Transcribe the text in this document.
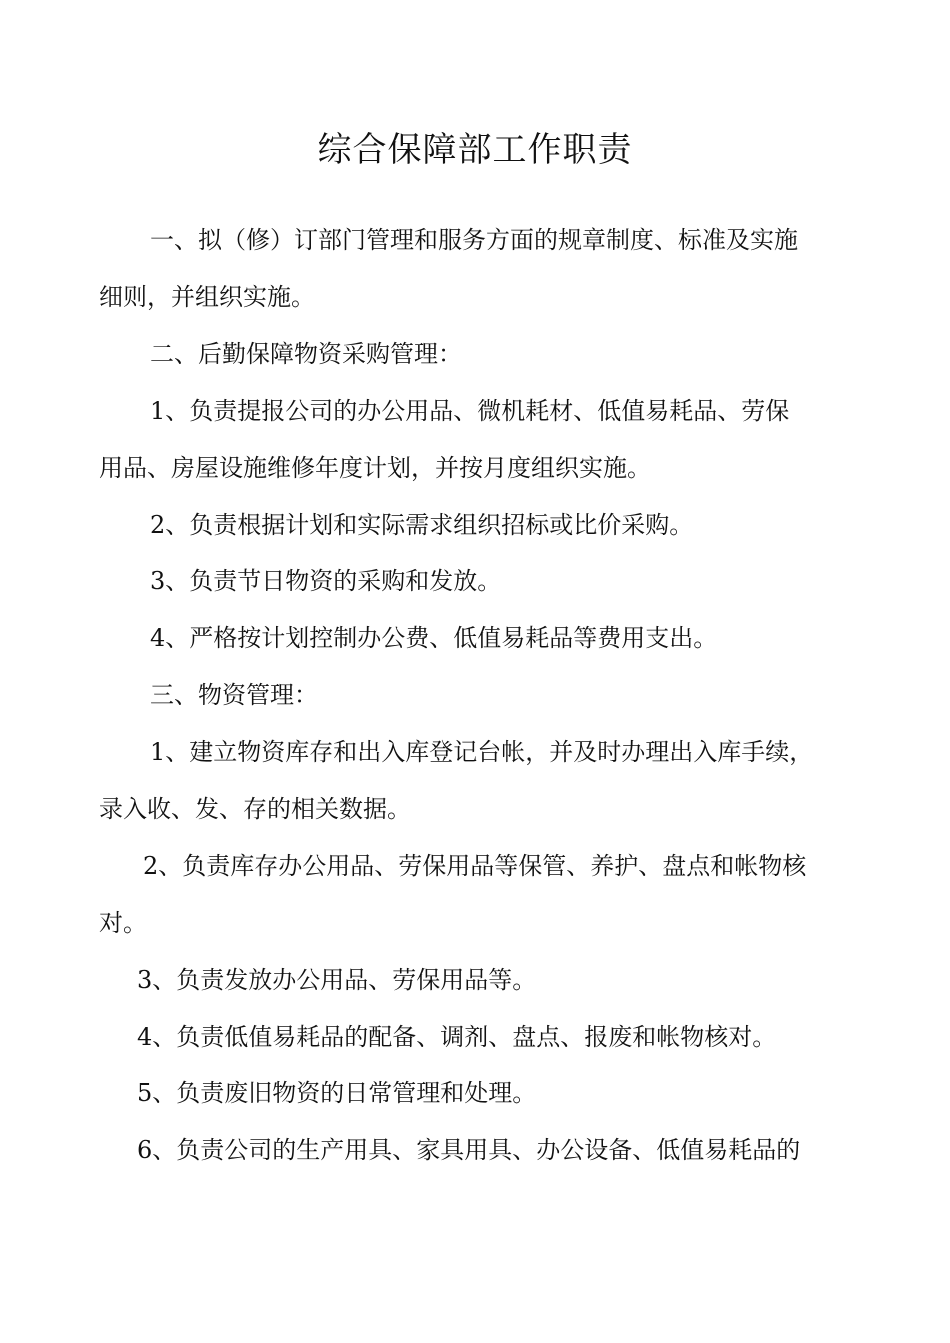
综合保障部工作职责
一、拟（修）订部门管理和服务方面的规章制度、标准及实施
细则，并组织实施。
二、后勤保障物资采购管理：
1、负责提报公司的办公用品、微机耗材、低值易耗品、劳保
用品、房屋设施维修年度计划，并按月度组织实施。
2、负责根据计划和实际需求组织招标或比价采购。
3、负责节日物资的采购和发放。
4、严格按计划控制办公费、低值易耗品等费用支出。
三、物资管理：
1、建立物资库存和出入库登记台帐，并及时办理出入库手续，
录入收、发、存的相关数据。
2、负责库存办公用品、劳保用品等保管、养护、盘点和帐物核
对。
3、负责发放办公用品、劳保用品等。
4、负责低值易耗品的配备、调剂、盘点、报废和帐物核对。
5、负责废旧物资的日常管理和处理。
6、负责公司的生产用具、家具用具、办公设备、低值易耗品的
